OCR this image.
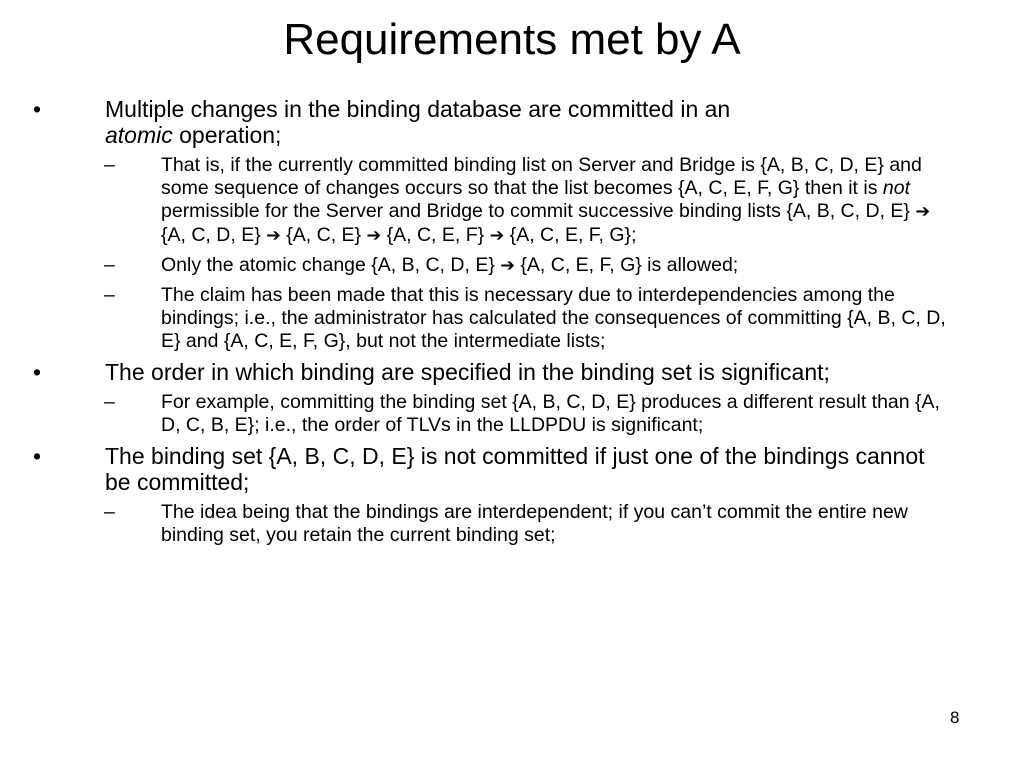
Requirements met by A
•	Multiple changes in the binding database are committed in an
atomic operation;
– That is, if the currently committed binding list on Server and Bridge is {A, B, C, D, E} and some sequence of changes occurs so that the list becomes {A, C, E, F, G} then it is not permissible for the Server and Bridge to commit successive binding lists {A, B, C, D, E} ➔ {A, C, D, E} ➔ {A, C, E} ➔ {A, C, E, F} ➔ {A, C, E, F, G};
– Only the atomic change {A, B, C, D, E} ➔ {A, C, E, F, G} is allowed;
– The claim has been made that this is necessary due to interdependencies among the bindings; i.e., the administrator has calculated the consequences of committing {A, B, C, D, E} and {A, C, E, F, G}, but not the intermediate lists;
•	The order in which binding are specified in the binding set is significant;
– For example, committing the binding set {A, B, C, D, E} produces a different result than {A, D, C, B, E}; i.e., the order of TLVs in the LLDPDU is significant;
•	The binding set {A, B, C, D, E} is not committed if just one of the bindings cannot be committed;
– The idea being that the bindings are interdependent; if you can’t commit the entire new binding set, you retain the current binding set;
8
